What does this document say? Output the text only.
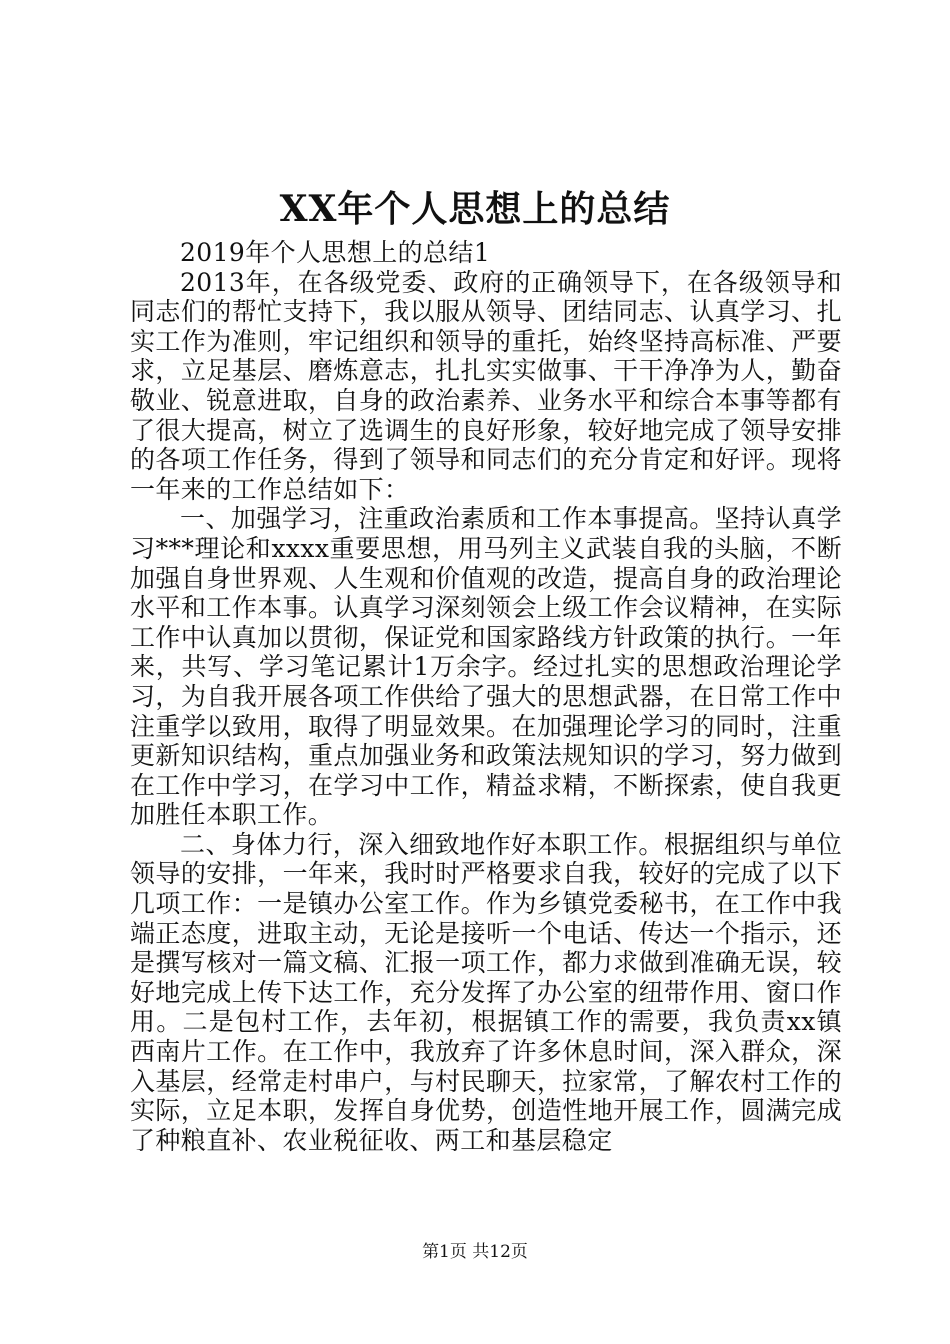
XX年个人思想上的总结

2019年个人思想上的总结1

2013年，在各级党委、政府的正确领导下，在各级领导和同志们的帮忙支持下，我以服从领导、团结同志、认真学习、扎实工作为准则，牢记组织和领导的重托，始终坚持高标准、严要求，立足基层、磨炼意志，扎扎实实做事、干干净净为人，勤奋敬业、锐意进取，自身的政治素养、业务水平和综合本事等都有了很大提高，树立了选调生的良好形象，较好地完成了领导安排的各项工作任务，得到了领导和同志们的充分肯定和好评。现将一年来的工作总结如下：

一、加强学习，注重政治素质和工作本事提高。坚持认真学习***理论和xxxx重要思想，用马列主义武装自我的头脑，不断加强自身世界观、人生观和价值观的改造，提高自身的政治理论水平和工作本事。认真学习深刻领会上级工作会议精神，在实际工作中认真加以贯彻，保证党和国家路线方针政策的执行。一年来，共写、学习笔记累计1万余字。经过扎实的思想政治理论学习，为自我开展各项工作供给了强大的思想武器，在日常工作中注重学以致用，取得了明显效果。在加强理论学习的同时，注重更新知识结构，重点加强业务和政策法规知识的学习，努力做到在工作中学习，在学习中工作，精益求精，不断探索，使自我更加胜任本职工作。

二、身体力行，深入细致地作好本职工作。根据组织与单位领导的安排，一年来，我时时严格要求自我，较好的完成了以下几项工作：一是镇办公室工作。作为乡镇党委秘书，在工作中我端正态度，进取主动，无论是接听一个电话、传达一个指示，还是撰写核对一篇文稿、汇报一项工作，都力求做到准确无误，较好地完成上传下达工作，充分发挥了办公室的纽带作用、窗口作用。二是包村工作，去年初，根据镇工作的需要，我负责xx镇西南片工作。在工作中，我放弃了许多休息时间，深入群众，深入基层，经常走村串户，与村民聊天，拉家常，了解农村工作的实际，立足本职，发挥自身优势，创造性地开展工作，圆满完成了种粮直补、农业税征收、两工和基层稳定

第1页 共12页
